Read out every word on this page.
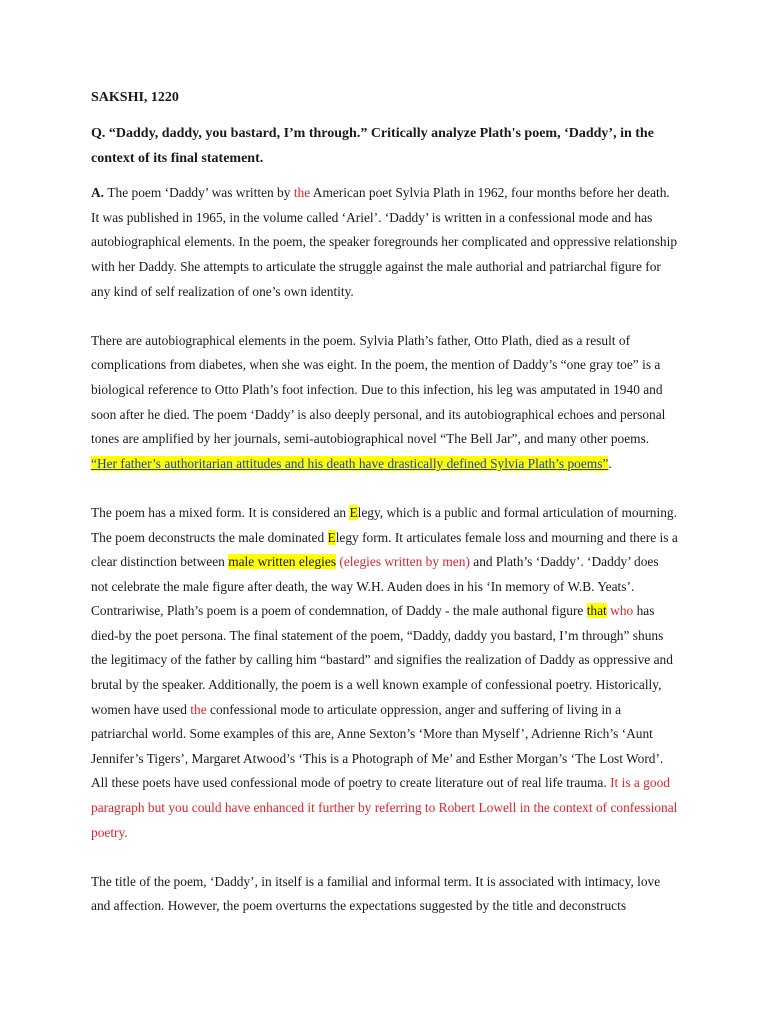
SAKSHI, 1220
Q. “Daddy, daddy, you bastard, I’m through.” Critically analyze Plath's poem, ‘Daddy’, in the context of its final statement.
A. The poem ‘Daddy’ was written by the American poet Sylvia Plath in 1962, four months before her death. It was published in 1965, in the volume called ‘Ariel’. ‘Daddy’ is written in a confessional mode and has autobiographical elements. In the poem, the speaker foregrounds her complicated and oppressive relationship with her Daddy. She attempts to articulate the struggle against the male authorial and patriarchal figure for any kind of self realization of one’s own identity.
There are autobiographical elements in the poem. Sylvia Plath’s father, Otto Plath, died as a result of complications from diabetes, when she was eight. In the poem, the mention of Daddy’s “one gray toe” is a biological reference to Otto Plath’s foot infection. Due to this infection, his leg was amputated in 1940 and soon after he died. The poem ‘Daddy’ is also deeply personal, and its autobiographical echoes and personal tones are amplified by her journals, semi-autobiographical novel “The Bell Jar”, and many other poems. “Her father’s authoritarian attitudes and his death have drastically defined Sylvia Plath’s poems”.
The poem has a mixed form. It is considered an Elegy, which is a public and formal articulation of mourning. The poem deconstructs the male dominated Elegy form. It articulates female loss and mourning and there is a clear distinction between male written elegies (elegies written by men) and Plath’s ‘Daddy’. ‘Daddy’ does not celebrate the male figure after death, the way W.H. Auden does in his ‘In memory of W.B. Yeats’. Contrariwise, Plath’s poem is a poem of condemnation, of Daddy - the male authonal figure that who has died-by the poet persona. The final statement of the poem, “Daddy, daddy you bastard, I’m through” shuns the legitimacy of the father by calling him “bastard” and signifies the realization of Daddy as oppressive and brutal by the speaker. Additionally, the poem is a well known example of confessional poetry. Historically, women have used the confessional mode to articulate oppression, anger and suffering of living in a patriarchal world. Some examples of this are, Anne Sexton’s ‘More than Myself’, Adrienne Rich’s ‘Aunt Jennifer’s Tigers’, Margaret Atwood’s ‘This is a Photograph of Me’ and Esther Morgan’s ‘The Lost Word’. All these poets have used confessional mode of poetry to create literature out of real life trauma. It is a good paragraph but you could have enhanced it further by referring to Robert Lowell in the context of confessional poetry.
The title of the poem, ‘Daddy’, in itself is a familial and informal term. It is associated with intimacy, love and affection. However, the poem overturns the expectations suggested by the title and deconstructs
